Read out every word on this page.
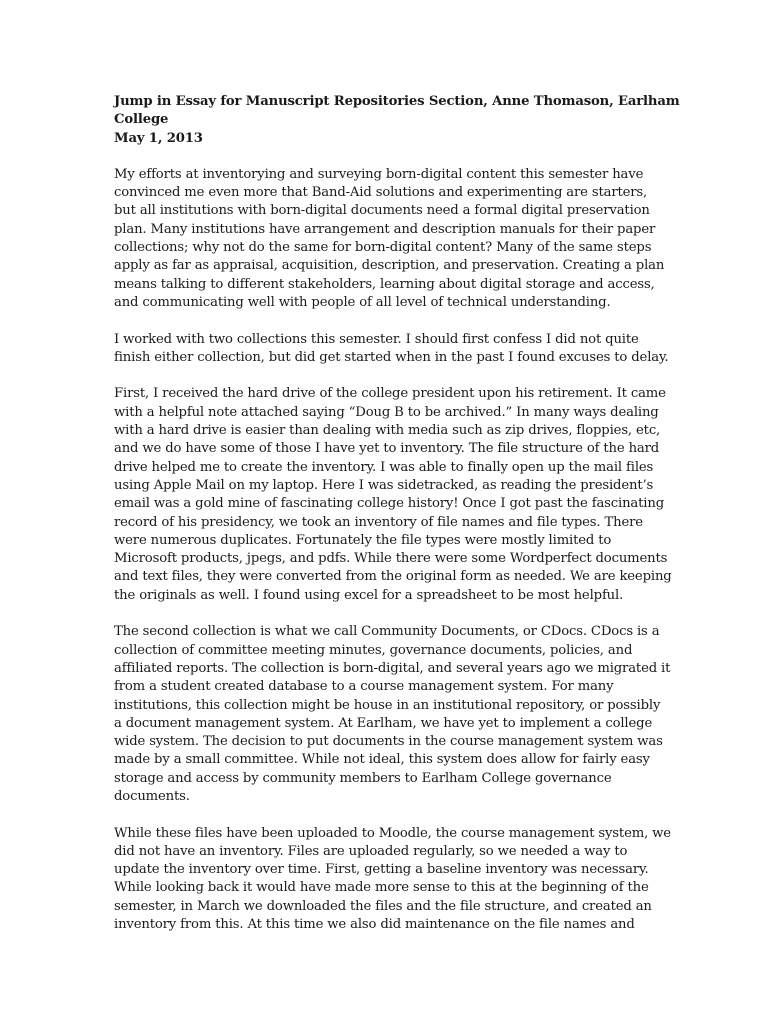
Jump in Essay for Manuscript Repositories Section, Anne Thomason, Earlham
College
May 1, 2013
My efforts at inventorying and surveying born-digital content this semester have
convinced me even more that Band-Aid solutions and experimenting are starters,
but all institutions with born-digital documents need a formal digital preservation
plan. Many institutions have arrangement and description manuals for their paper
collections; why not do the same for born-digital content? Many of the same steps
apply as far as appraisal, acquisition, description, and preservation. Creating a plan
means talking to different stakeholders, learning about digital storage and access,
and communicating well with people of all level of technical understanding.
I worked with two collections this semester. I should first confess I did not quite
finish either collection, but did get started when in the past I found excuses to delay.
First, I received the hard drive of the college president upon his retirement. It came
with a helpful note attached saying “Doug B to be archived.” In many ways dealing
with a hard drive is easier than dealing with media such as zip drives, floppies, etc,
and we do have some of those I have yet to inventory. The file structure of the hard
drive helped me to create the inventory. I was able to finally open up the mail files
using Apple Mail on my laptop. Here I was sidetracked, as reading the president’s
email was a gold mine of fascinating college history! Once I got past the fascinating
record of his presidency, we took an inventory of file names and file types. There
were numerous duplicates. Fortunately the file types were mostly limited to
Microsoft products, jpegs, and pdfs. While there were some Wordperfect documents
and text files, they were converted from the original form as needed. We are keeping
the originals as well. I found using excel for a spreadsheet to be most helpful.
The second collection is what we call Community Documents, or CDocs. CDocs is a
collection of committee meeting minutes, governance documents, policies, and
affiliated reports. The collection is born-digital, and several years ago we migrated it
from a student created database to a course management system. For many
institutions, this collection might be house in an institutional repository, or possibly
a document management system. At Earlham, we have yet to implement a college
wide system. The decision to put documents in the course management system was
made by a small committee. While not ideal, this system does allow for fairly easy
storage and access by community members to Earlham College governance
documents.
While these files have been uploaded to Moodle, the course management system, we
did not have an inventory. Files are uploaded regularly, so we needed a way to
update the inventory over time. First, getting a baseline inventory was necessary.
While looking back it would have made more sense to this at the beginning of the
semester, in March we downloaded the files and the file structure, and created an
inventory from this. At this time we also did maintenance on the file names and
